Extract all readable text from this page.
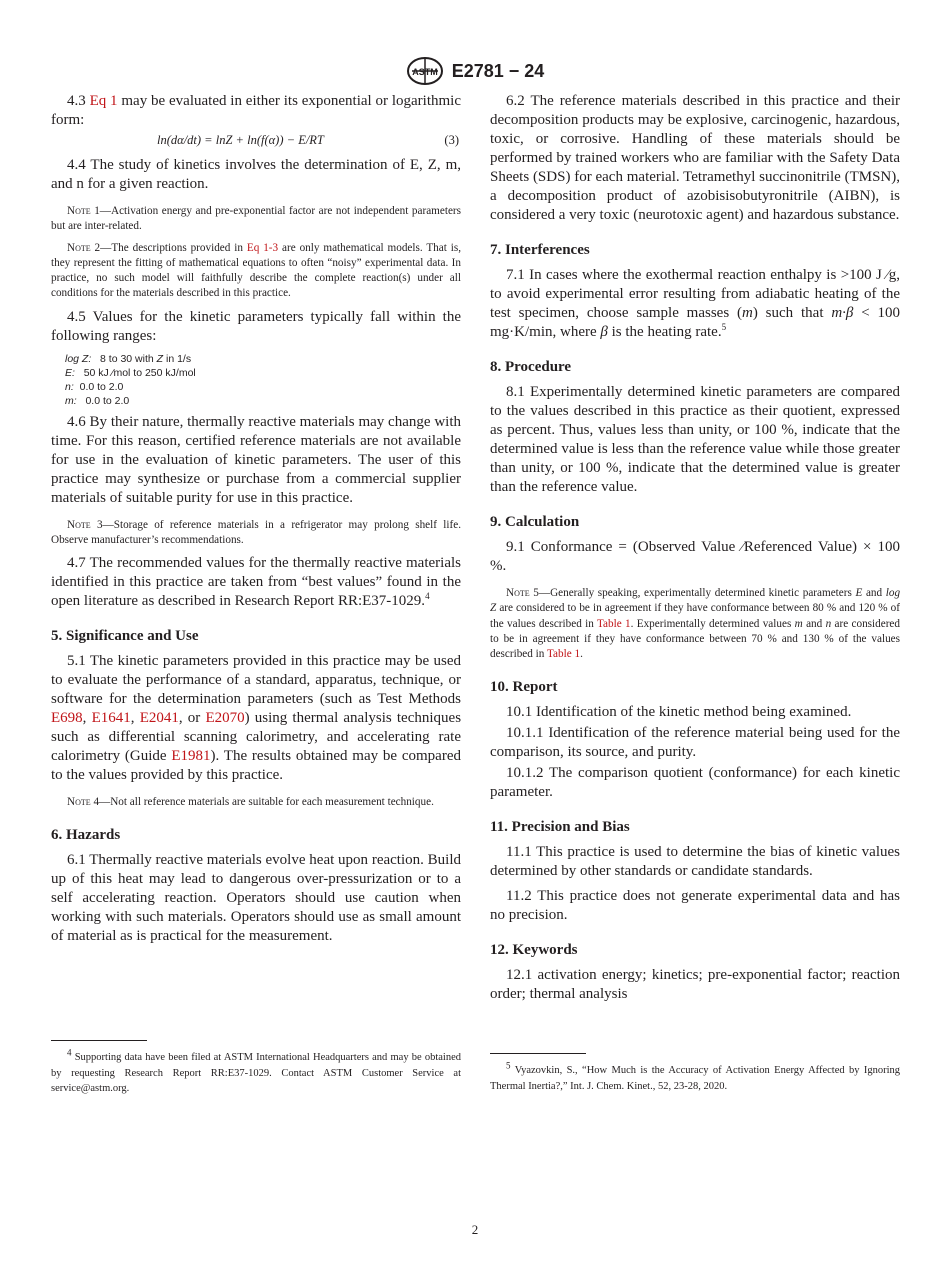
ASTM E2781 − 24

4.3 Eq 1 may be evaluated in either its exponential or logarithmic form:

ln(dα/dt) = lnZ + ln(f(α)) − E/RT	(3)

4.4 The study of kinetics involves the determination of E, Z, m, and n for a given reaction.

Note 1—Activation energy and pre-exponential factor are not independent parameters but are inter-related.

Note 2—The descriptions provided in Eq 1-3 are only mathematical models. That is, they represent the fitting of mathematical equations to often “noisy” experimental data. In practice, no such model will faithfully describe the complete reaction(s) under all conditions for the materials described in this practice.

4.5 Values for the kinetic parameters typically fall within the following ranges:

log Z: 8 to 30 with Z in 1/s
E: 50 kJ ⁄mol to 250 kJ/mol
n: 0.0 to 2.0
m: 0.0 to 2.0

4.6 By their nature, thermally reactive materials may change with time. For this reason, certified reference materials are not available for use in the evaluation of kinetic parameters. The user of this practice may synthesize or purchase from a commercial supplier materials of suitable purity for use in this practice.

Note 3—Storage of reference materials in a refrigerator may prolong shelf life. Observe manufacturer’s recommendations.

4.7 The recommended values for the thermally reactive materials identified in this practice are taken from “best values” found in the open literature as described in Research Report RR:E37-1029.$^4$

5. Significance and Use

5.1 The kinetic parameters provided in this practice may be used to evaluate the performance of a standard, apparatus, technique, or software for the determination parameters (such as Test Methods E698, E1641, E2041, or E2070) using thermal analysis techniques such as differential scanning calorimetry, and accelerating rate calorimetry (Guide E1981). The results obtained may be compared to the values provided by this practice.

Note 4—Not all reference materials are suitable for each measurement technique.

6. Hazards

6.1 Thermally reactive materials evolve heat upon reaction. Build up of this heat may lead to dangerous over-pressurization or to a self accelerating reaction. Operators should use caution when working with such materials. Operators should use as small amount of material as is practical for the measurement.

$^4$ Supporting data have been filed at ASTM International Headquarters and may be obtained by requesting Research Report RR:E37-1029. Contact ASTM Customer Service at service@astm.org.

6.2 The reference materials described in this practice and their decomposition products may be explosive, carcinogenic, hazardous, toxic, or corrosive. Handling of these materials should be performed by trained workers who are familiar with the Safety Data Sheets (SDS) for each material. Tetramethyl succinonitrile (TMSN), a decomposition product of azobisisobutyronitrile (AIBN), is considered a very toxic (neurotoxic agent) and hazardous substance.

7. Interferences

7.1 In cases where the exothermal reaction enthalpy is >100 J ⁄g, to avoid experimental error resulting from adiabatic heating of the test specimen, choose sample masses (m) such that m·β < 100 mg·K/min, where β is the heating rate.$^5$

8. Procedure

8.1 Experimentally determined kinetic parameters are compared to the values described in this practice as their quotient, expressed as percent. Thus, values less than unity, or 100 %, indicate that the determined value is less than the reference value while those greater than unity, or 100 %, indicate that the determined value is greater than the reference value.

9. Calculation

9.1 Conformance = (Observed Value ⁄Referenced Value) × 100 %.

Note 5—Generally speaking, experimentally determined kinetic parameters E and log Z are considered to be in agreement if they have conformance between 80 % and 120 % of the values described in Table 1. Experimentally determined values m and n are considered to be in agreement if they have conformance between 70 % and 130 % of the values described in Table 1.

10. Report

10.1 Identification of the kinetic method being examined.

10.1.1 Identification of the reference material being used for the comparison, its source, and purity.

10.1.2 The comparison quotient (conformance) for each kinetic parameter.

11. Precision and Bias

11.1 This practice is used to determine the bias of kinetic values determined by other standards or candidate standards.

11.2 This practice does not generate experimental data and has no precision.

12. Keywords

12.1 activation energy; kinetics; pre-exponential factor; reaction order; thermal analysis

$^5$ Vyazovkin, S., “How Much is the Accuracy of Activation Energy Affected by Ignoring Thermal Inertia?,” Int. J. Chem. Kinet., 52, 23-28, 2020.
2
